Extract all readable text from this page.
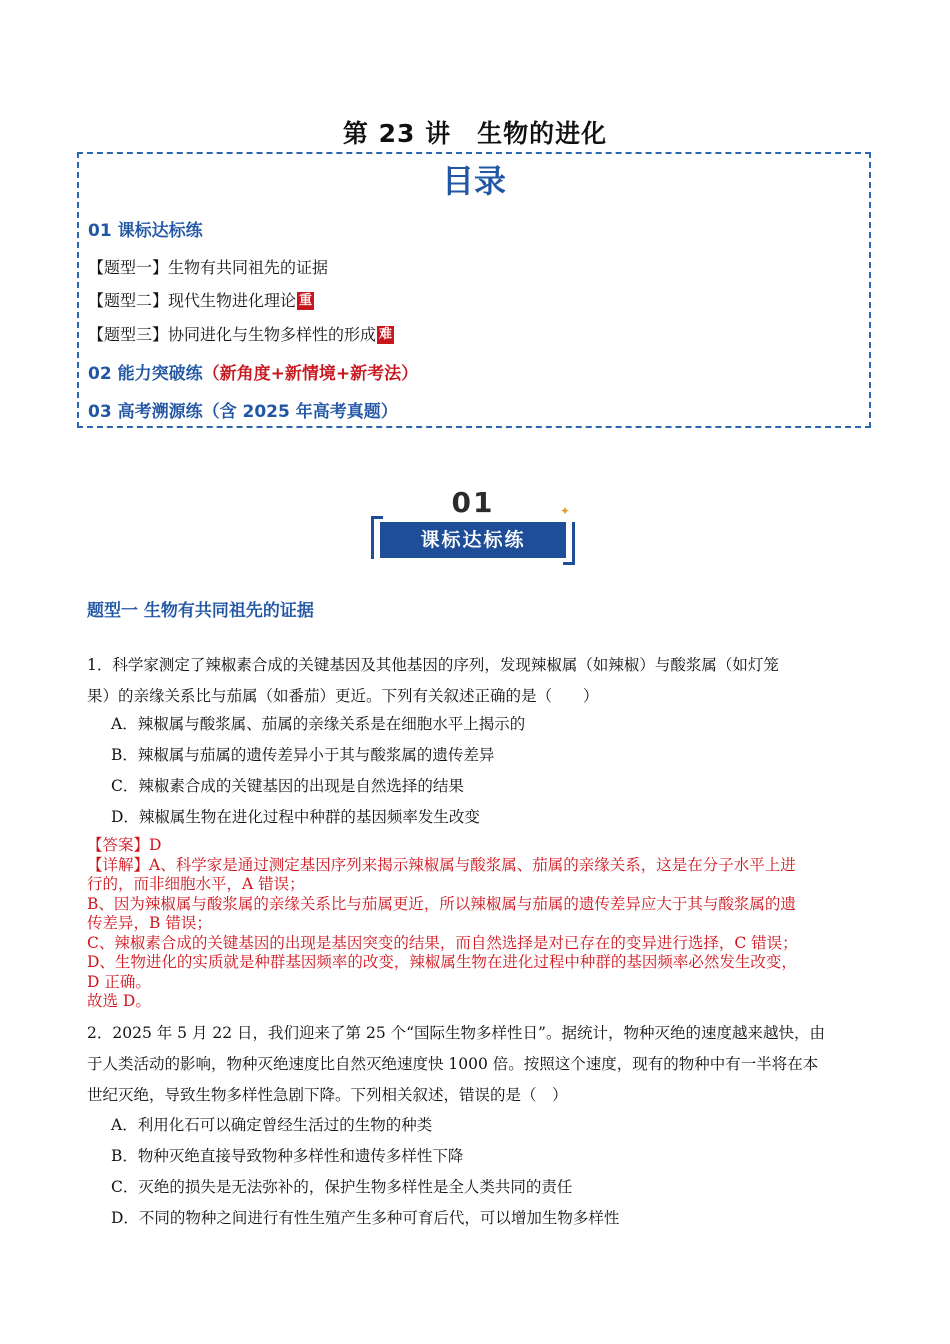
第 23 讲　生物的进化
目录
01 课标达标练
【题型一】生物有共同祖先的证据
【题型二】现代生物进化理论 重
【题型三】协同进化与生物多样性的形成 难
02 能力突破练（新角度+新情境+新考法）
03 高考溯源练（含 2025 年高考真题）
01
课标达标练
✦
题型一 生物有共同祖先的证据
1．科学家测定了辣椒素合成的关键基因及其他基因的序列，发现辣椒属（如辣椒）与酸浆属（如灯笼
果）的亲缘关系比与茄属（如番茄）更近。下列有关叙述正确的是（　　）
A．辣椒属与酸浆属、茄属的亲缘关系是在细胞水平上揭示的
B．辣椒属与茄属的遗传差异小于其与酸浆属的遗传差异
C．辣椒素合成的关键基因的出现是自然选择的结果
D．辣椒属生物在进化过程中种群的基因频率发生改变
【答案】D
【详解】A、科学家是通过测定基因序列来揭示辣椒属与酸浆属、茄属的亲缘关系，这是在分子水平上进
行的，而非细胞水平，A 错误；
B、因为辣椒属与酸浆属的亲缘关系比与茄属更近，所以辣椒属与茄属的遗传差异应大于其与酸浆属的遗
传差异，B 错误；
C、辣椒素合成的关键基因的出现是基因突变的结果，而自然选择是对已存在的变异进行选择，C 错误；
D、生物进化的实质就是种群基因频率的改变，辣椒属生物在进化过程中种群的基因频率必然发生改变，
D 正确。
故选 D。
2．2025 年 5 月 22 日，我们迎来了第 25 个“国际生物多样性日”。据统计，物种灭绝的速度越来越快，由
于人类活动的影响，物种灭绝速度比自然灭绝速度快 1000 倍。按照这个速度，现有的物种中有一半将在本
世纪灭绝，导致生物多样性急剧下降。下列相关叙述，错误的是（　）
A．利用化石可以确定曾经生活过的生物的种类
B．物种灭绝直接导致物种多样性和遗传多样性下降
C．灭绝的损失是无法弥补的，保护生物多样性是全人类共同的责任
D．不同的物种之间进行有性生殖产生多种可育后代，可以增加生物多样性
